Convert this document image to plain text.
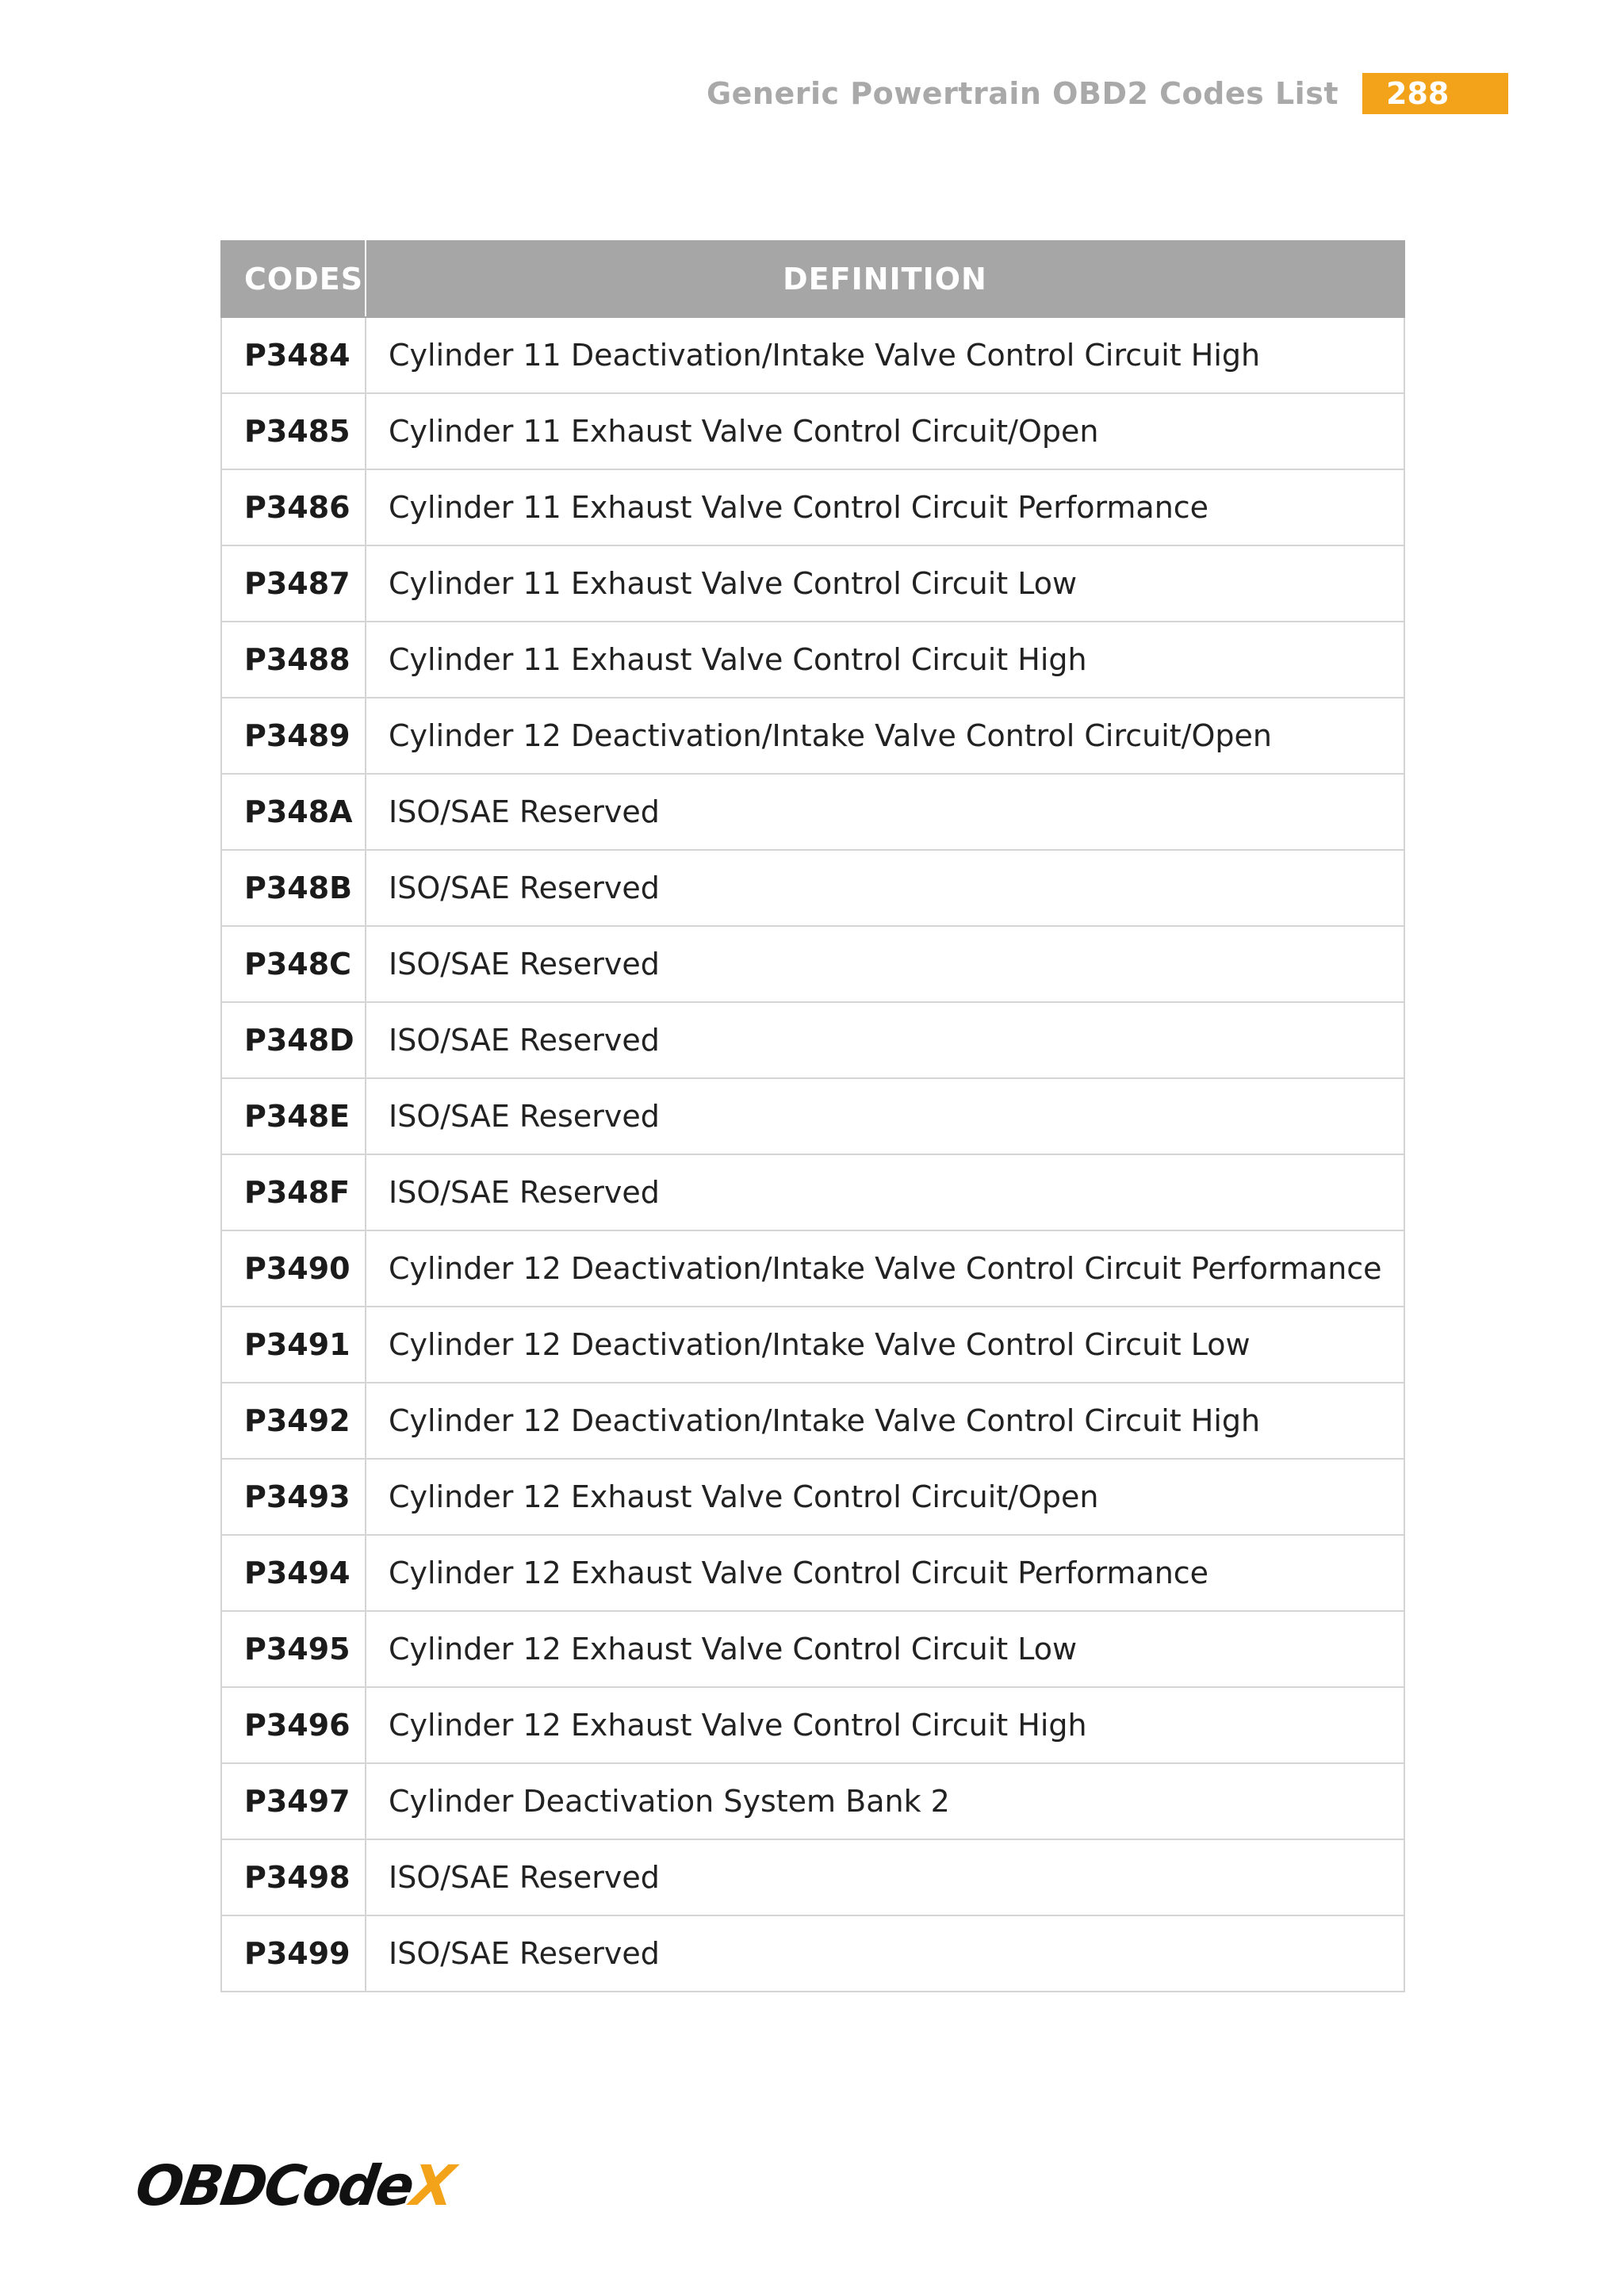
Generic Powertrain OBD2 Codes List	288
CODES	DEFINITION
P3484	Cylinder 11 Deactivation/Intake Valve Control Circuit High
P3485	Cylinder 11 Exhaust Valve Control Circuit/Open
P3486	Cylinder 11 Exhaust Valve Control Circuit Performance
P3487	Cylinder 11 Exhaust Valve Control Circuit Low
P3488	Cylinder 11 Exhaust Valve Control Circuit High
P3489	Cylinder 12 Deactivation/Intake Valve Control Circuit/Open
P348A	ISO/SAE Reserved
P348B	ISO/SAE Reserved
P348C	ISO/SAE Reserved
P348D	ISO/SAE Reserved
P348E	ISO/SAE Reserved
P348F	ISO/SAE Reserved
P3490	Cylinder 12 Deactivation/Intake Valve Control Circuit Performance
P3491	Cylinder 12 Deactivation/Intake Valve Control Circuit Low
P3492	Cylinder 12 Deactivation/Intake Valve Control Circuit High
P3493	Cylinder 12 Exhaust Valve Control Circuit/Open
P3494	Cylinder 12 Exhaust Valve Control Circuit Performance
P3495	Cylinder 12 Exhaust Valve Control Circuit Low
P3496	Cylinder 12 Exhaust Valve Control Circuit High
P3497	Cylinder Deactivation System Bank 2
P3498	ISO/SAE Reserved
P3499	ISO/SAE Reserved
OBDCodeX
